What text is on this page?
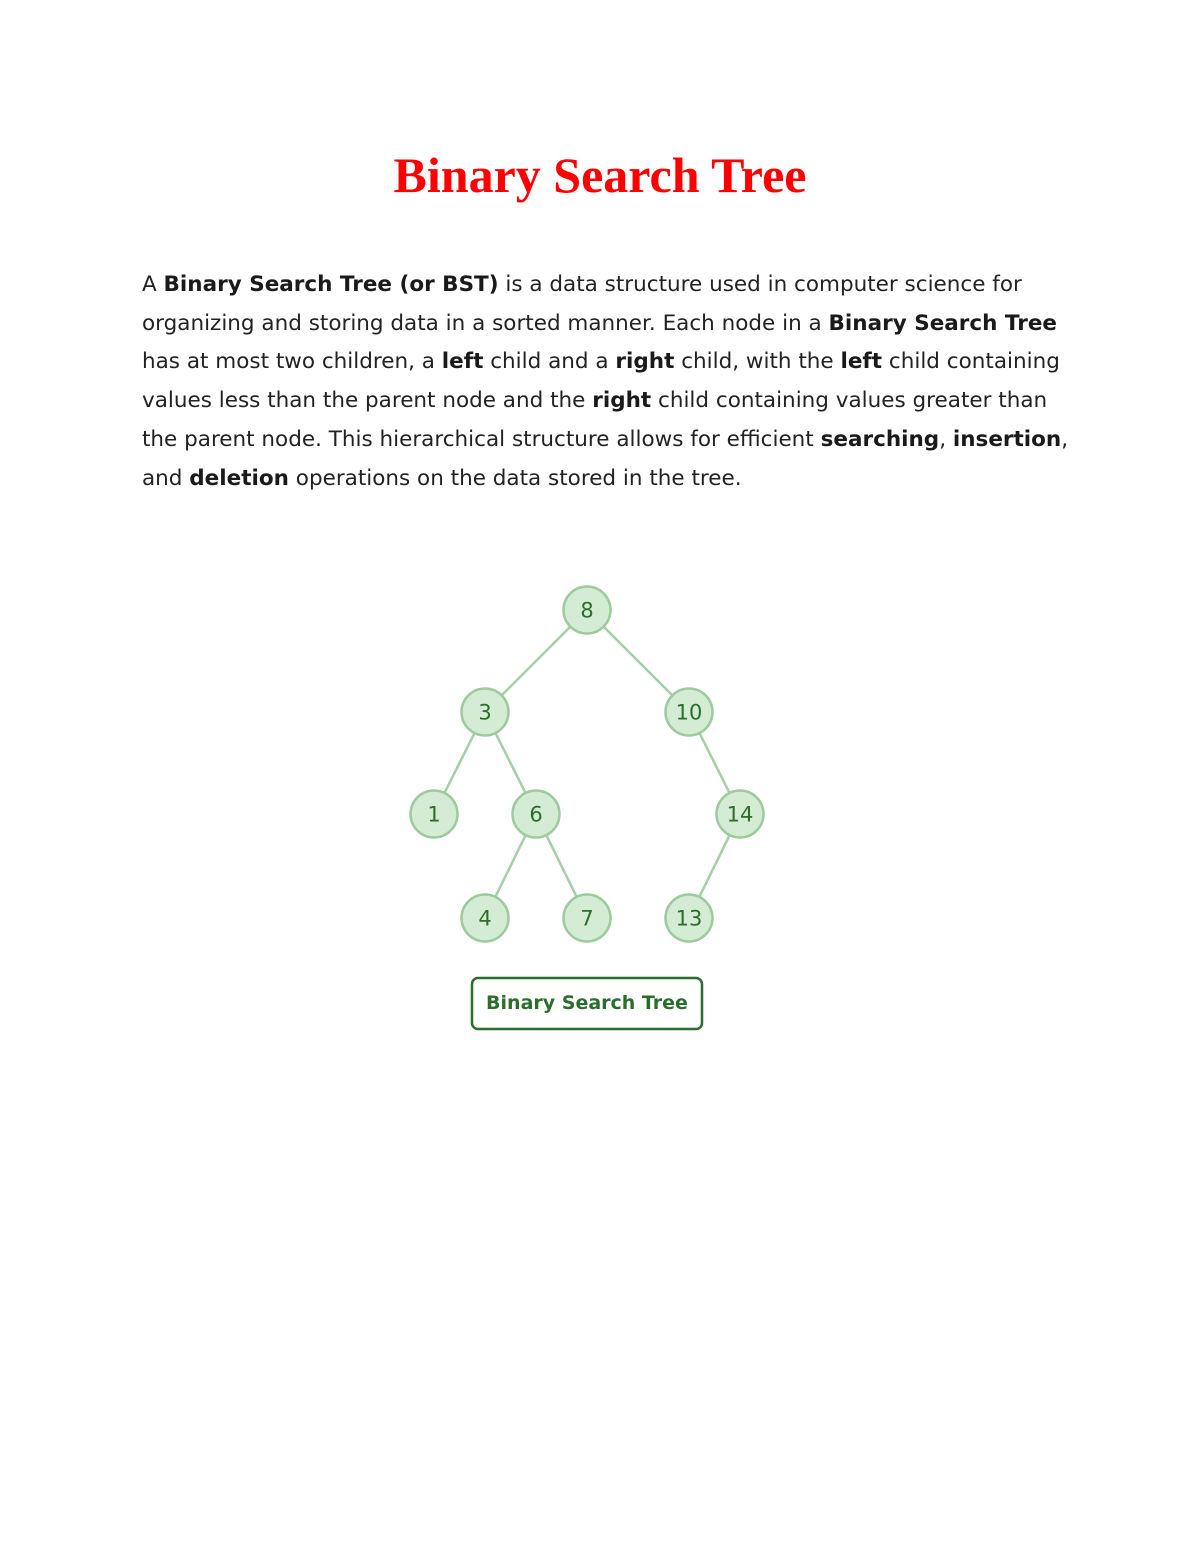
Binary Search Tree

A Binary Search Tree (or BST) is a data structure used in computer science for organizing and storing data in a sorted manner. Each node in a Binary Search Tree has at most two children, a left child and a right child, with the left child containing values less than the parent node and the right child containing values greater than the parent node. This hierarchical structure allows for efficient searching, insertion, and deletion operations on the data stored in the tree.

8
3	10
1	6	14
4	7	13
Binary Search Tree
